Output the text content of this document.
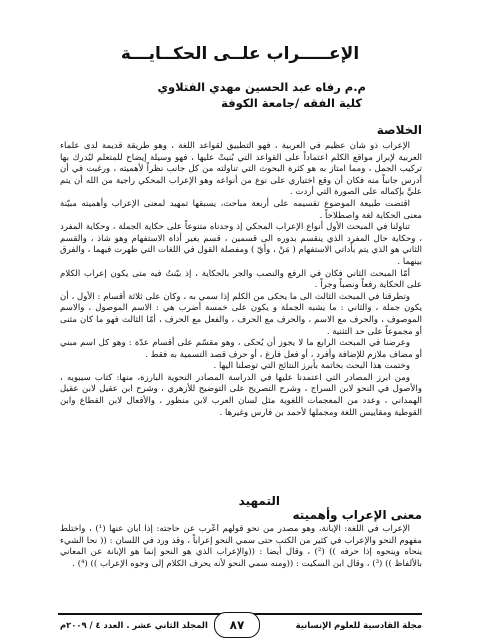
الإعـــــراب علــى الحكــايـــة
م.م رفاه عبد الحسين مهدي الفتلاوي
كلية الفقه /جامعة الكوفة
الخلاصة

الإعراب ذو شأن عظيم في العربية ، فهو التطبيق لقواعد اللغة ، وهو طريقة قديمة لدى علماء العربية لإبراز مواقع الكلم اعتماداً على القواعد التي بُنيتْ عليها ، فهو وسيلة إيضاح للمتعلم ليُدرك بها تركيب الجمل ، ومما امتاز به هو كثرة البحوث التي تناولته من كل جانب نظراً لأهميته ، ورغبت في أن أدرس جانباً منه فكان أن وقع اختياري على نوع من أنواعه وهو الإعراب المحكي راجية من الله أن يتم عليَّ بإكماله على الصورة التي أردت .

اقتضت طبيعة الموضوع تقسيمه على أربعة مباحث، يسبقها تمهيد لمعنى الإعراب وأهميته مبيّنة معنى الحكاية لغة واصطلاحاً .

تناولنا في المبحث الأول أنواع الإعراب المحكي إذ وجدناه متنوعاً على حكاية الجملة ، وحكاية المفرد ، وحكاية حال المفرد الذي ينقسم بدوره الى قسمين ، قسم بغير أداة الاستفهام وهو شاذ ، والقسم الثاني هو الذي يتم بأداتي الاستفهام ( مَنْ ، وأيّ ) ومفصلة القول في اللغات التي ظهرت فيهما ، والفرق بينهما .

أمّا المبحث الثاني فكان في الرفع والنصب والجر بالحكاية ، إذ بيّنتُ فيه متى يكون إعراب الكلام على الحكاية رفعاً ونصباً وجراً .

وتطرقنا في المبحث الثالث الى ما يحكى من الكلم إذا سمي به ، وكان على ثلاثة أقسام : الأول ، أن يكون جملة ، والثاني : ما يشبه الجملة و يكون على خمسة أضرب هي : الاسم الموصول ، والاسم الموصوف ، والحرف مع الاسم ، والحرف مع الحرف ، والفعل مع الحرف ، أمّا الثالث فهو ما كان مثنى أو مجموعاً على حد التثنية .

وعرضنا في المبحث الرابع ما لا يجوز أن يُحكى ، وهو مقسّم على أقسام عدّة : وهو كل اسم مبني أو مضاف ملازم للإضافة وأفرد ، أو فعل فارغ ، أو حرف قصد التسمية به فقط .

وختمت هذا البحث بخاتمة بأبرز النتائج التي توصلنا اليها .

ومن ابرز المصادر التي اعتمدنا عليها في الدراسة المصادر النحوية البارزة، منها: كتاب سيبويه ، والأصول في النحو لابن السراج ، وشرح التصريح على التوضيح للأزهري ، وشرح ابن عقيل لابن عقيل الهمداني ، وعدد من المعجمات اللغوية مثل لسان العرب لابن منظور ، والأفعال لابن القطاع وابن القوطية ومقاييس اللغة ومجملها لأحمد بن فارس وغيرها .

التمهيد
معنى الإعراب وأهميته

الإعراب في اللغة: الإبانة، وهو مصدر من نحو قولهم أعْرب عن حاجته: إذا أبان عنها (¹) ، واختلط مفهوم النحو والإعراب في كثير من الكتب حتى سمي النحو إعراباً ، وقد ورد في اللسان : (( نحا الشيء ينحاه وينحوه إذا حرفه )) (²) ، وقال أيضا : ((والإعراب الذي هو النحو إنما هو الإبانة عن المعاني بالألفاظ )) (³) ، وقال ابن السكيت : ((ومنه سمي النحو لأنه يحرف الكلام إلى وجوه الإعراب )) (⁴) .

مجلة القادسية للعلوم الإنسانية
٨٧
المجلد الثاني عشر . العدد ٤ / ٢٠٠٩م
